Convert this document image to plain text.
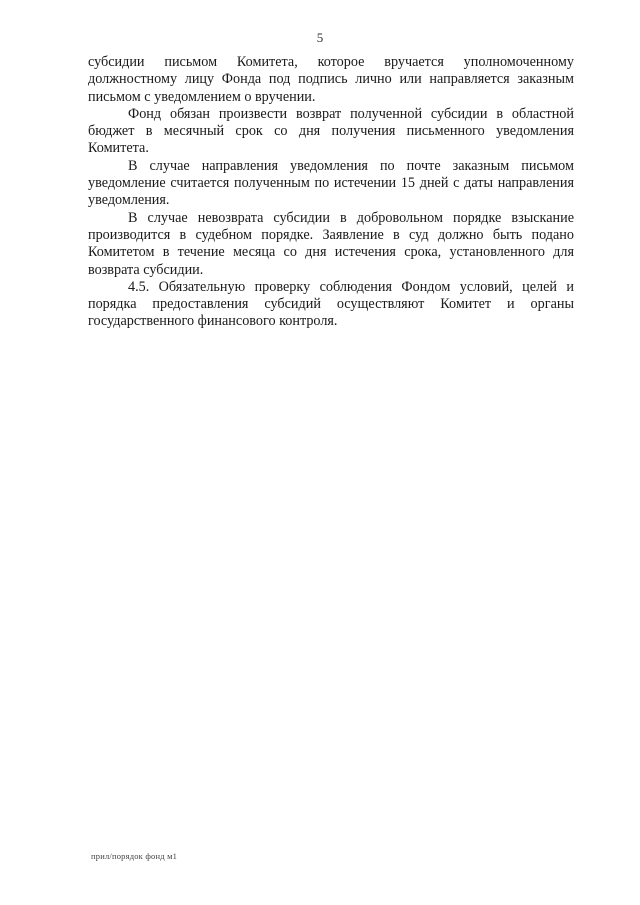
5

субсидии письмом Комитета, которое вручается уполномоченному должностному лицу Фонда под подпись лично или направляется заказным письмом с уведомлением о вручении.

Фонд обязан произвести возврат полученной субсидии в областной бюджет в месячный срок со дня получения письменного уведомления Комитета.

В случае направления уведомления по почте заказным письмом уведомление считается полученным по истечении 15 дней с даты направления уведомления.

В случае невозврата субсидии в добровольном порядке взыскание производится в судебном порядке. Заявление в суд должно быть подано Комитетом в течение месяца со дня истечения срока, установленного для возврата субсидии.

4.5. Обязательную проверку соблюдения Фондом условий, целей и порядка предоставления субсидий осуществляют Комитет и органы государственного финансового контроля.

прил/порядок фонд м1
